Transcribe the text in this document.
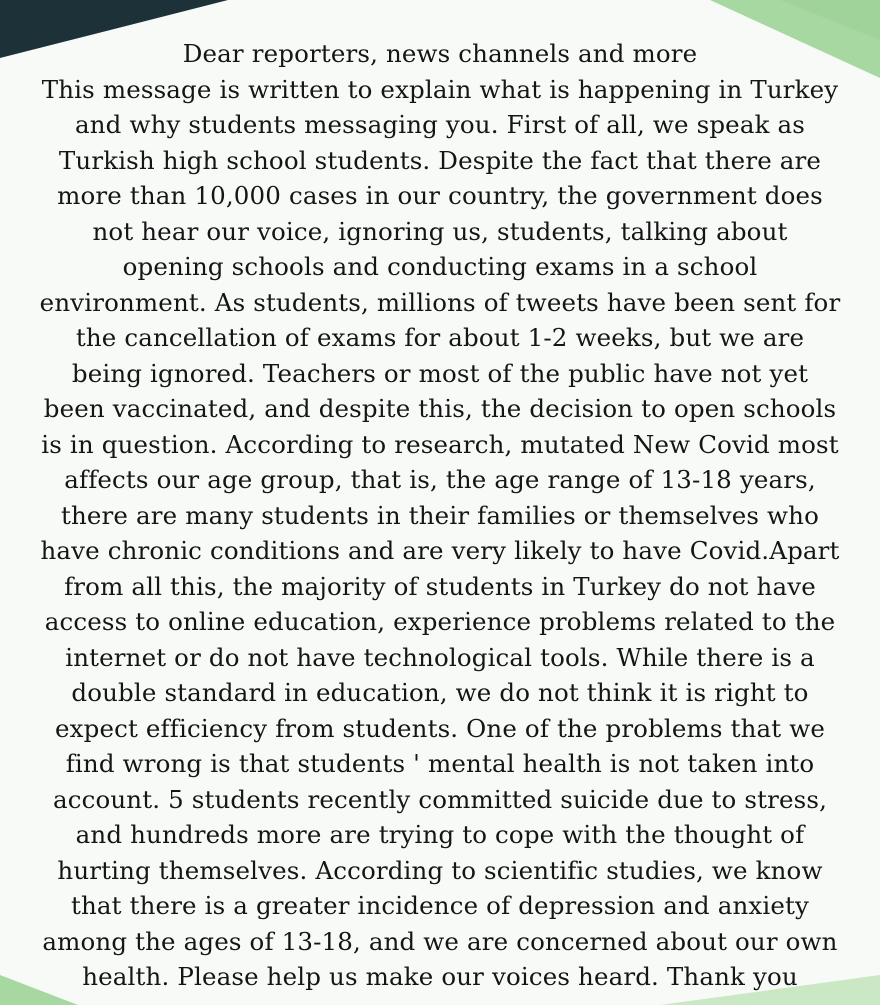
Dear reporters, news channels and more
This message is written to explain what is happening in Turkey
and why students messaging you. First of all, we speak as
Turkish high school students. Despite the fact that there are
more than 10,000 cases in our country, the government does
not hear our voice, ignoring us, students, talking about
opening schools and conducting exams in a school
environment. As students, millions of tweets have been sent for
the cancellation of exams for about 1-2 weeks, but we are
being ignored. Teachers or most of the public have not yet
been vaccinated, and despite this, the decision to open schools
is in question. According to research, mutated New Covid most
affects our age group, that is, the age range of 13-18 years,
there are many students in their families or themselves who
have chronic conditions and are very likely to have Covid.Apart
from all this, the majority of students in Turkey do not have
access to online education, experience problems related to the
internet or do not have technological tools. While there is a
double standard in education, we do not think it is right to
expect efficiency from students. One of the problems that we
find wrong is that students ' mental health is not taken into
account. 5 students recently committed suicide due to stress,
and hundreds more are trying to cope with the thought of
hurting themselves. According to scientific studies, we know
that there is a greater incidence of depression and anxiety
among the ages of 13-18, and we are concerned about our own
health. Please help us make our voices heard. Thank you
